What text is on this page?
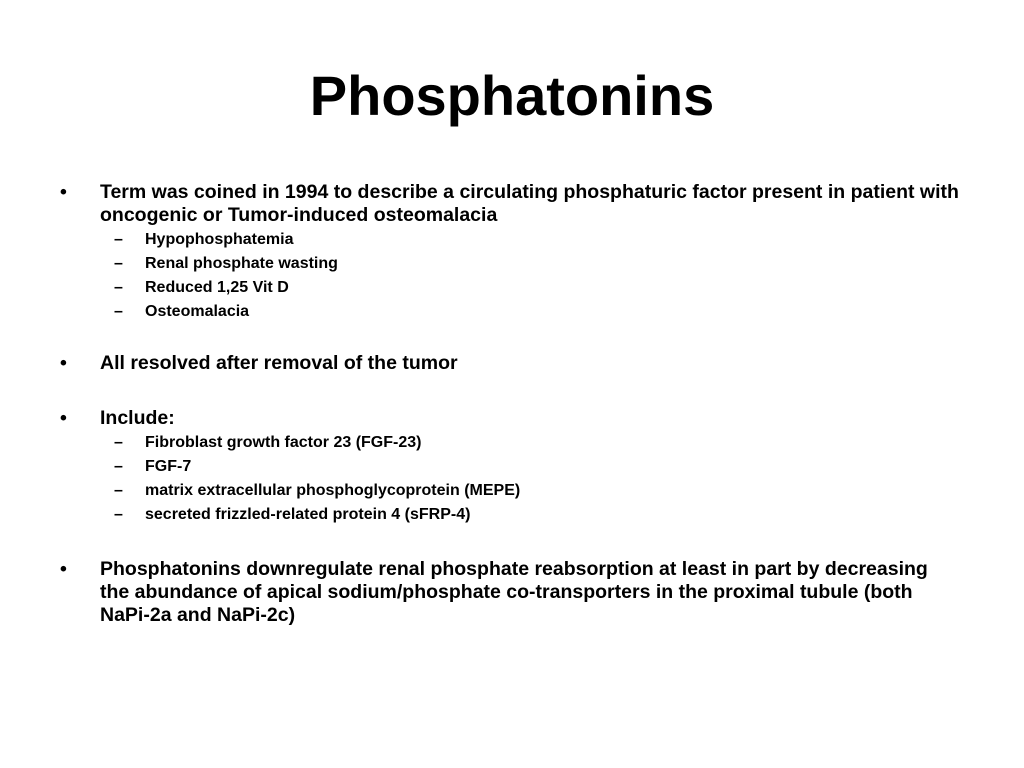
Phosphatonins
•	Term was coined in 1994 to describe a circulating phosphaturic factor present in patient with oncogenic or Tumor-induced osteomalacia
– Hypophosphatemia
– Renal phosphate wasting
– Reduced 1,25 Vit D
– Osteomalacia
•	All resolved after removal of the tumor
•	Include:
– Fibroblast growth factor 23 (FGF-23)
– FGF-7
– matrix extracellular phosphoglycoprotein (MEPE)
– secreted frizzled-related protein 4 (sFRP-4)
•	Phosphatonins downregulate renal phosphate reabsorption at least in part by decreasing the abundance of apical sodium/phosphate co-transporters in the proximal tubule (both NaPi-2a and NaPi-2c)
